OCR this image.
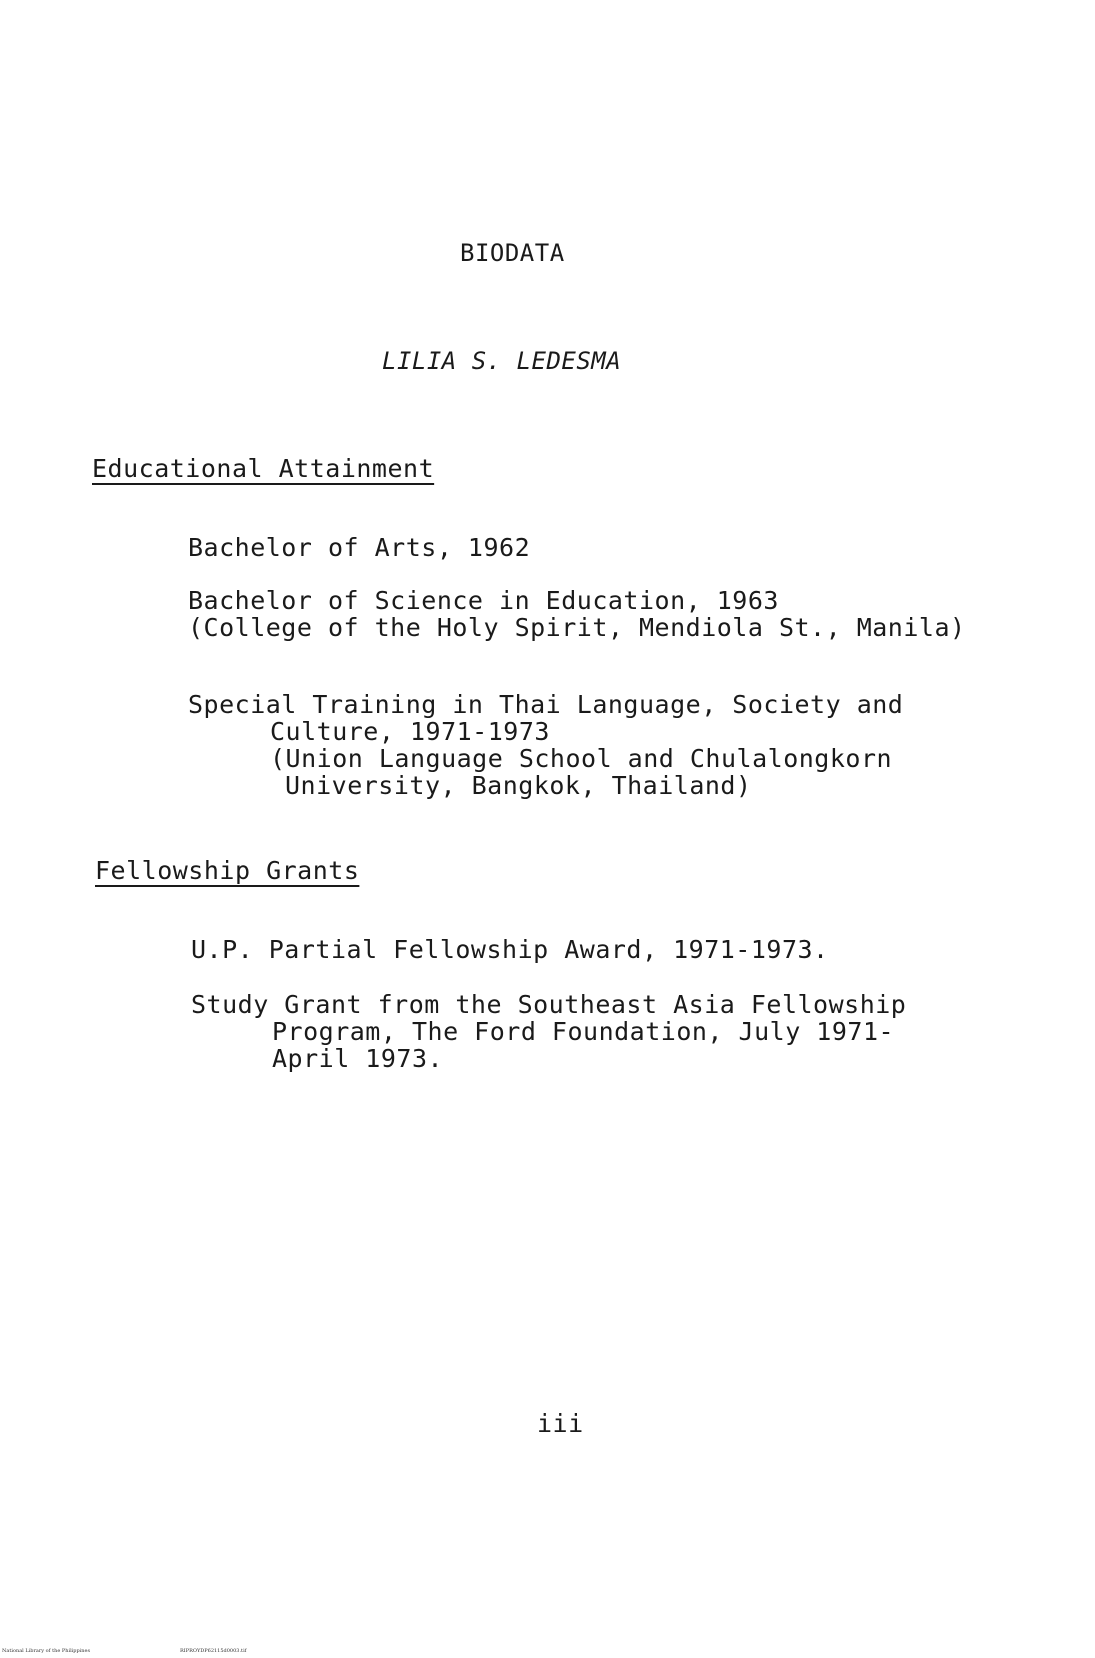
BIODATA
LILIA S. LEDESMA
Educational Attainment
Bachelor of Arts, 1962
Bachelor of Science in Education, 1963
(College of the Holy Spirit, Mendiola St., Manila)
Special Training in Thai Language, Society and
Culture, 1971-1973
(Union Language School and Chulalongkorn
University, Bangkok, Thailand)
Fellowship Grants
U.P. Partial Fellowship Award, 1971-1973.
Study Grant from the Southeast Asia Fellowship
Program, The Ford Foundation, July 1971-
April 1973.
iii
National Library of the Philippines	RIPROYDP62115d0003.tif
